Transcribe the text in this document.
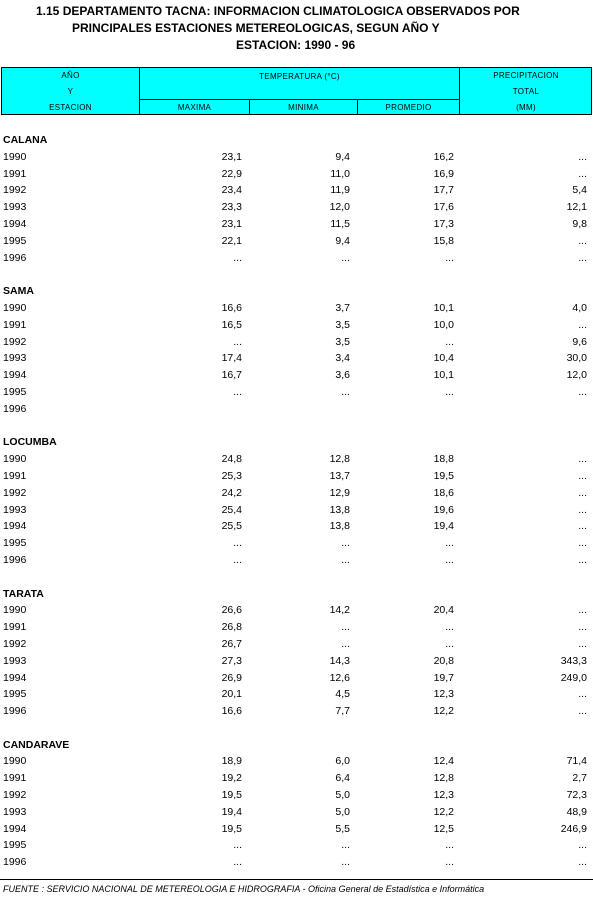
1.15 DEPARTAMENTO TACNA: INFORMACION CLIMATOLOGICA OBSERVADOS POR
PRINCIPALES ESTACIONES METEREOLOGICAS, SEGUN AÑO Y
ESTACION: 1990 - 96
AÑO
Y
ESTACION
TEMPERATURA (°C)
MAXIMA	MINIMA	PROMEDIO
PRECIPITACION
TOTAL
(MM)
CALANA
1990	23,1	9,4	16,2	...
1991	22,9	11,0	16,9	...
1992	23,4	11,9	17,7	5,4
1993	23,3	12,0	17,6	12,1
1994	23,1	11,5	17,3	9,8
1995	22,1	9,4	15,8	...
1996	...	...	...	...
SAMA
1990	16,6	3,7	10,1	4,0
1991	16,5	3,5	10,0	...
1992	...	3,5	...	9,6
1993	17,4	3,4	10,4	30,0
1994	16,7	3,6	10,1	12,0
1995	...	...	...	...
1996
LOCUMBA
1990	24,8	12,8	18,8	...
1991	25,3	13,7	19,5	...
1992	24,2	12,9	18,6	...
1993	25,4	13,8	19,6	...
1994	25,5	13,8	19,4	...
1995	...	...	...	...
1996	...	...	...	...
TARATA
1990	26,6	14,2	20,4	...
1991	26,8	...	...	...
1992	26,7	...	...	...
1993	27,3	14,3	20,8	343,3
1994	26,9	12,6	19,7	249,0
1995	20,1	4,5	12,3	...
1996	16,6	7,7	12,2	...
CANDARAVE
1990	18,9	6,0	12,4	71,4
1991	19,2	6,4	12,8	2,7
1992	19,5	5,0	12,3	72,3
1993	19,4	5,0	12,2	48,9
1994	19,5	5,5	12,5	246,9
1995	...	...	...	...
1996	...	...	...	...
FUENTE : SERVICIO NACIONAL DE METEREOLOGIA E HIDROGRAFIA - Oficina General de Estadística e Informática
